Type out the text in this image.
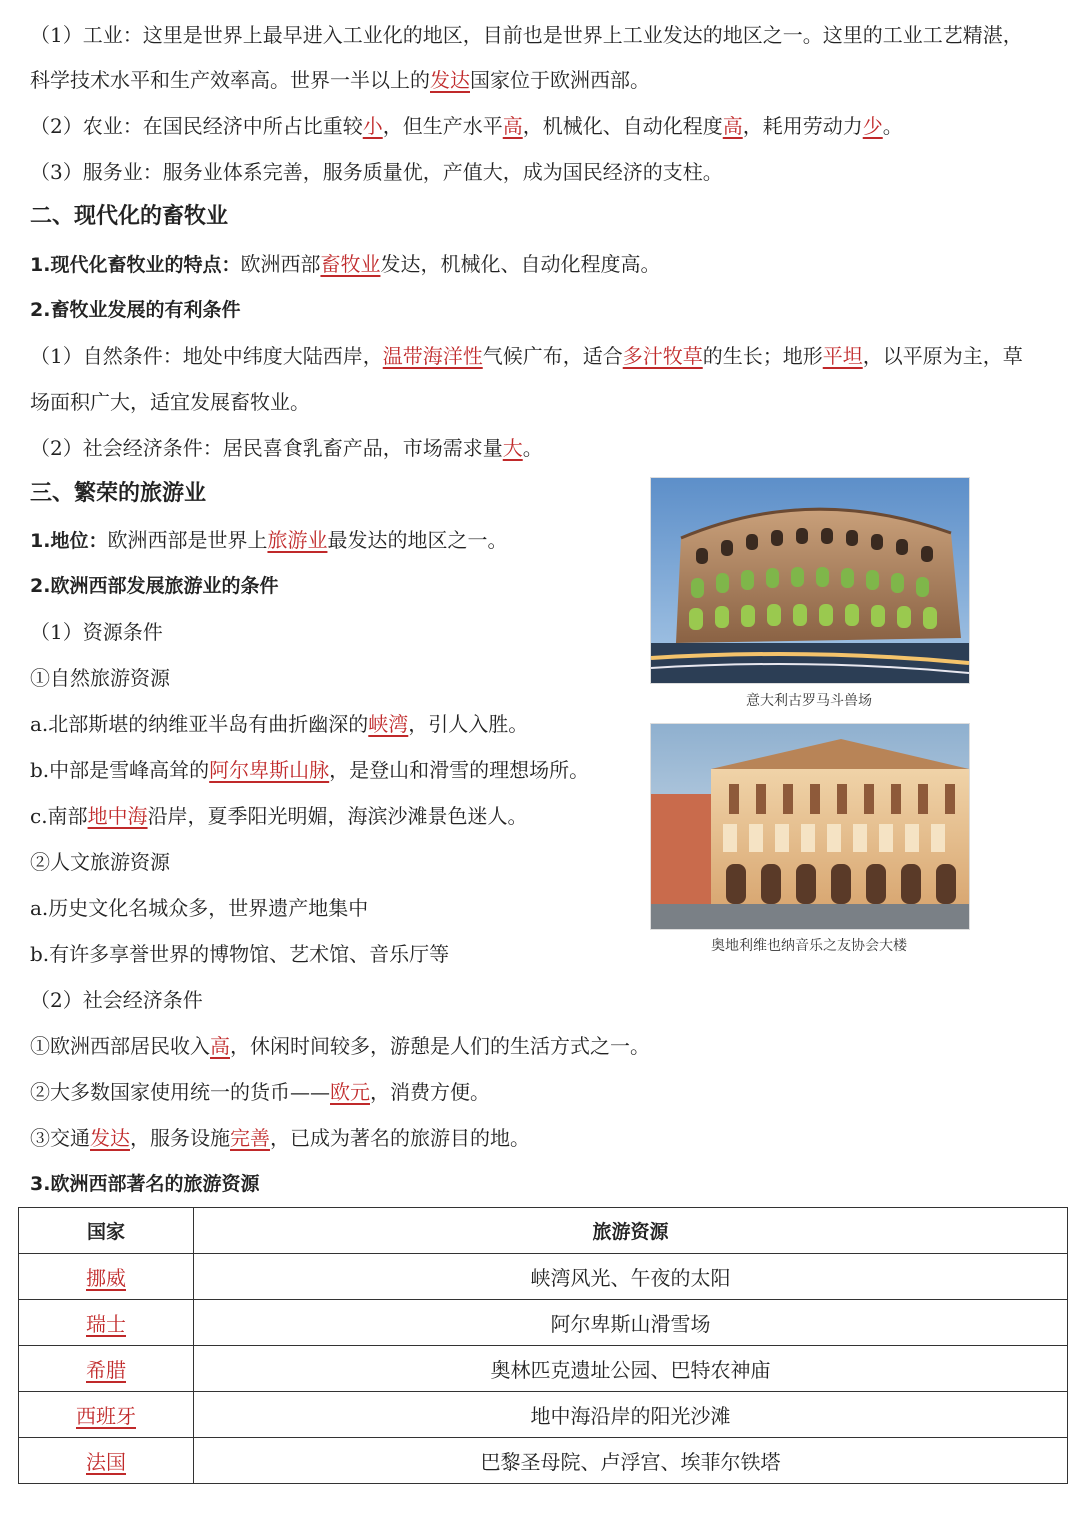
（1）工业：这里是世界上最早进入工业化的地区，目前也是世界上工业发达的地区之一。这里的工业工艺精湛，
科学技术水平和生产效率高。世界一半以上的发达国家位于欧洲西部。
（2）农业：在国民经济中所占比重较小，但生产水平高，机械化、自动化程度高，耗用劳动力少。
（3）服务业：服务业体系完善，服务质量优，产值大，成为国民经济的支柱。
二、现代化的畜牧业
1.现代化畜牧业的特点：欧洲西部畜牧业发达，机械化、自动化程度高。
2.畜牧业发展的有利条件
（1）自然条件：地处中纬度大陆西岸，温带海洋性气候广布，适合多汁牧草的生长；地形平坦，以平原为主，草
场面积广大，适宜发展畜牧业。
（2）社会经济条件：居民喜食乳畜产品，市场需求量大。
三、繁荣的旅游业
1.地位：欧洲西部是世界上旅游业最发达的地区之一。
2.欧洲西部发展旅游业的条件
（1）资源条件
①自然旅游资源
a.北部斯堪的纳维亚半岛有曲折幽深的峡湾，引人入胜。
b.中部是雪峰高耸的阿尔卑斯山脉，是登山和滑雪的理想场所。
c.南部地中海沿岸，夏季阳光明媚，海滨沙滩景色迷人。
②人文旅游资源
a.历史文化名城众多，世界遗产地集中
b.有许多享誉世界的博物馆、艺术馆、音乐厅等
（2）社会经济条件
①欧洲西部居民收入高，休闲时间较多，游憩是人们的生活方式之一。
②大多数国家使用统一的货币——欧元，消费方便。
③交通发达，服务设施完善，已成为著名的旅游目的地。
3.欧洲西部著名的旅游资源
意大利古罗马斗兽场
奥地利维也纳音乐之友协会大楼
国家	旅游资源
挪威	峡湾风光、午夜的太阳
瑞士	阿尔卑斯山滑雪场
希腊	奥林匹克遗址公园、巴特农神庙
西班牙	地中海沿岸的阳光沙滩
法国	巴黎圣母院、卢浮宫、埃菲尔铁塔
